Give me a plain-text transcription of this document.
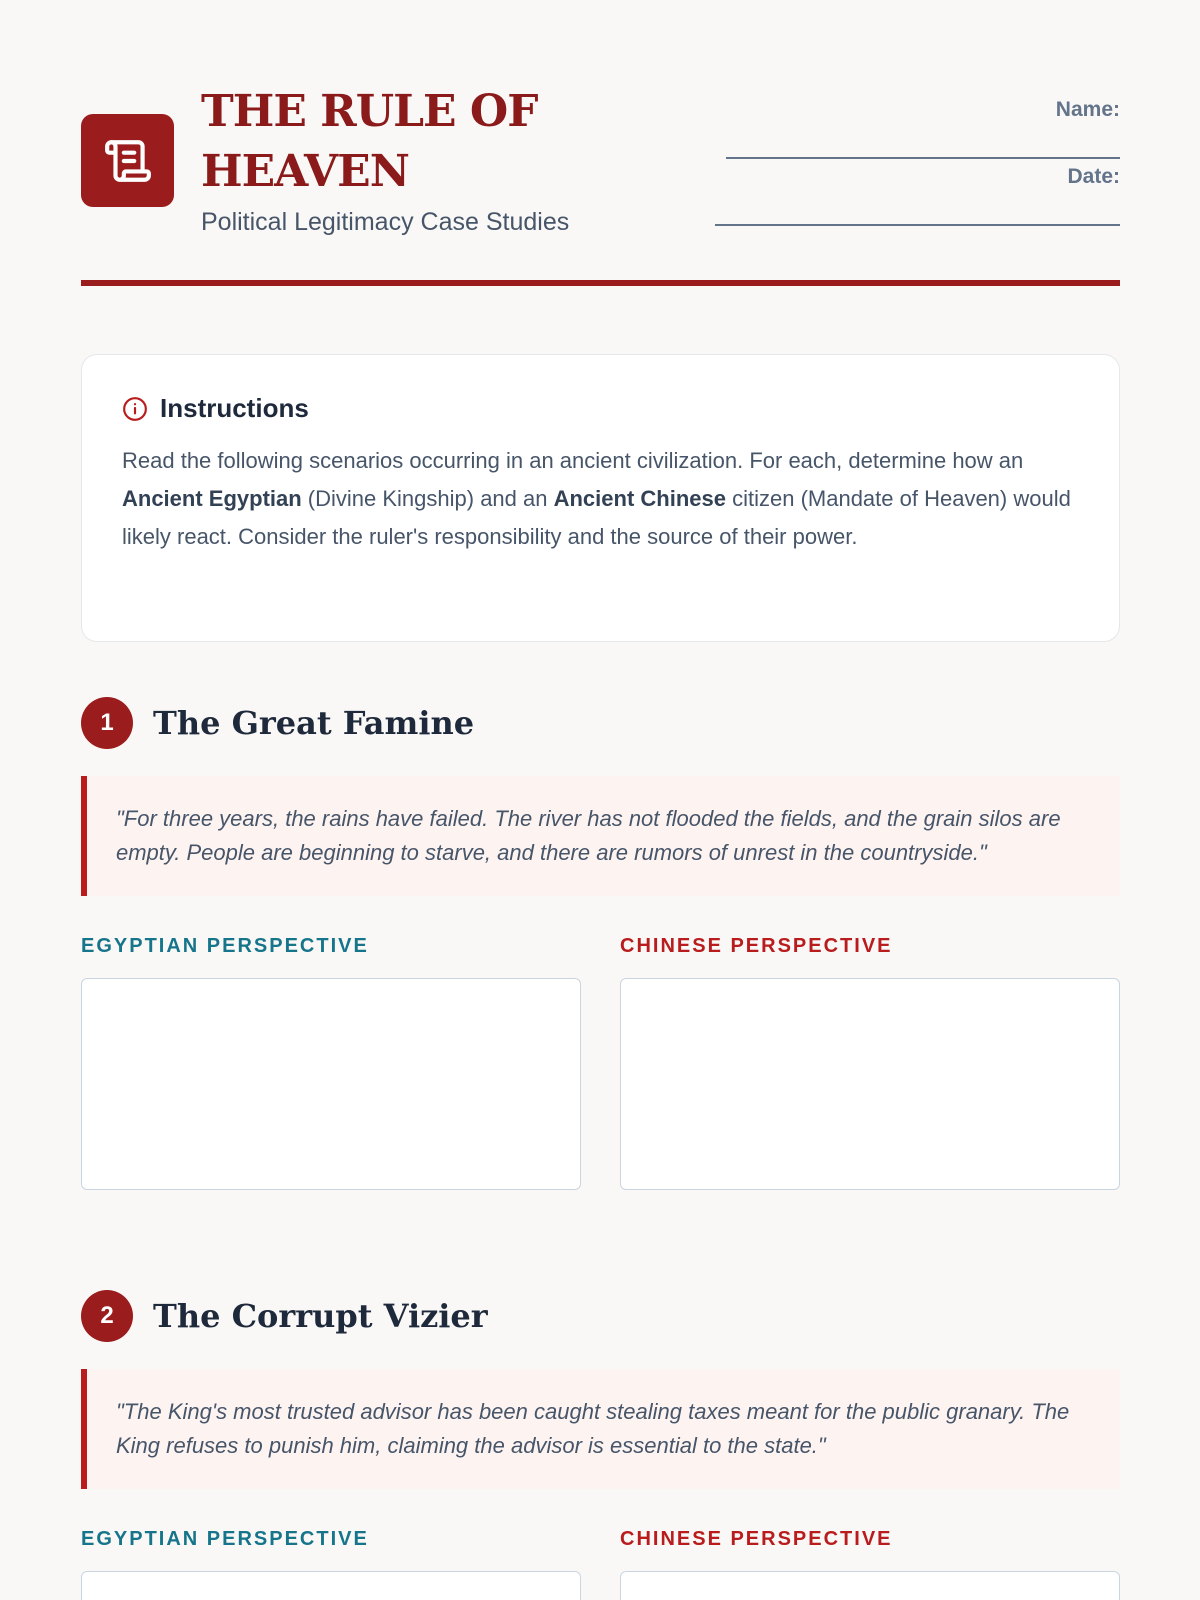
THE RULE OF HEAVEN
Political Legitimacy Case Studies
Name:
Date:
Instructions

Read the following scenarios occurring in an ancient civilization. For each, determine how an Ancient Egyptian (Divine Kingship) and an Ancient Chinese citizen (Mandate of Heaven) would likely react. Consider the ruler's responsibility and the source of their power.

1	The Great Famine
"For three years, the rains have failed. The river has not flooded the fields, and the grain silos are empty. People are beginning to starve, and there are rumors of unrest in the countryside."
EGYPTIAN PERSPECTIVE	CHINESE PERSPECTIVE
2	The Corrupt Vizier
"The King's most trusted advisor has been caught stealing taxes meant for the public granary. The King refuses to punish him, claiming the advisor is essential to the state."
EGYPTIAN PERSPECTIVE	CHINESE PERSPECTIVE
